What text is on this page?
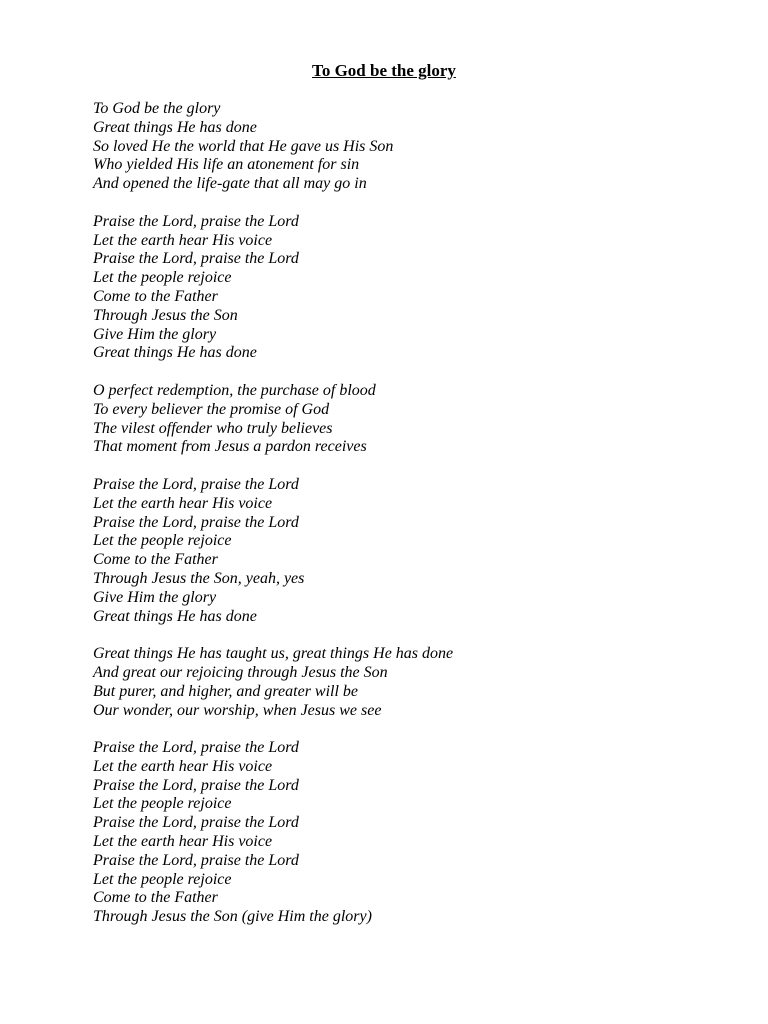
To God be the glory
To God be the glory
Great things He has done
So loved He the world that He gave us His Son
Who yielded His life an atonement for sin
And opened the life-gate that all may go in
Praise the Lord, praise the Lord
Let the earth hear His voice
Praise the Lord, praise the Lord
Let the people rejoice
Come to the Father
Through Jesus the Son
Give Him the glory
Great things He has done
O perfect redemption, the purchase of blood
To every believer the promise of God
The vilest offender who truly believes
That moment from Jesus a pardon receives
Praise the Lord, praise the Lord
Let the earth hear His voice
Praise the Lord, praise the Lord
Let the people rejoice
Come to the Father
Through Jesus the Son, yeah, yes
Give Him the glory
Great things He has done
Great things He has taught us, great things He has done
And great our rejoicing through Jesus the Son
But purer, and higher, and greater will be
Our wonder, our worship, when Jesus we see
Praise the Lord, praise the Lord
Let the earth hear His voice
Praise the Lord, praise the Lord
Let the people rejoice
Praise the Lord, praise the Lord
Let the earth hear His voice
Praise the Lord, praise the Lord
Let the people rejoice
Come to the Father
Through Jesus the Son (give Him the glory)
